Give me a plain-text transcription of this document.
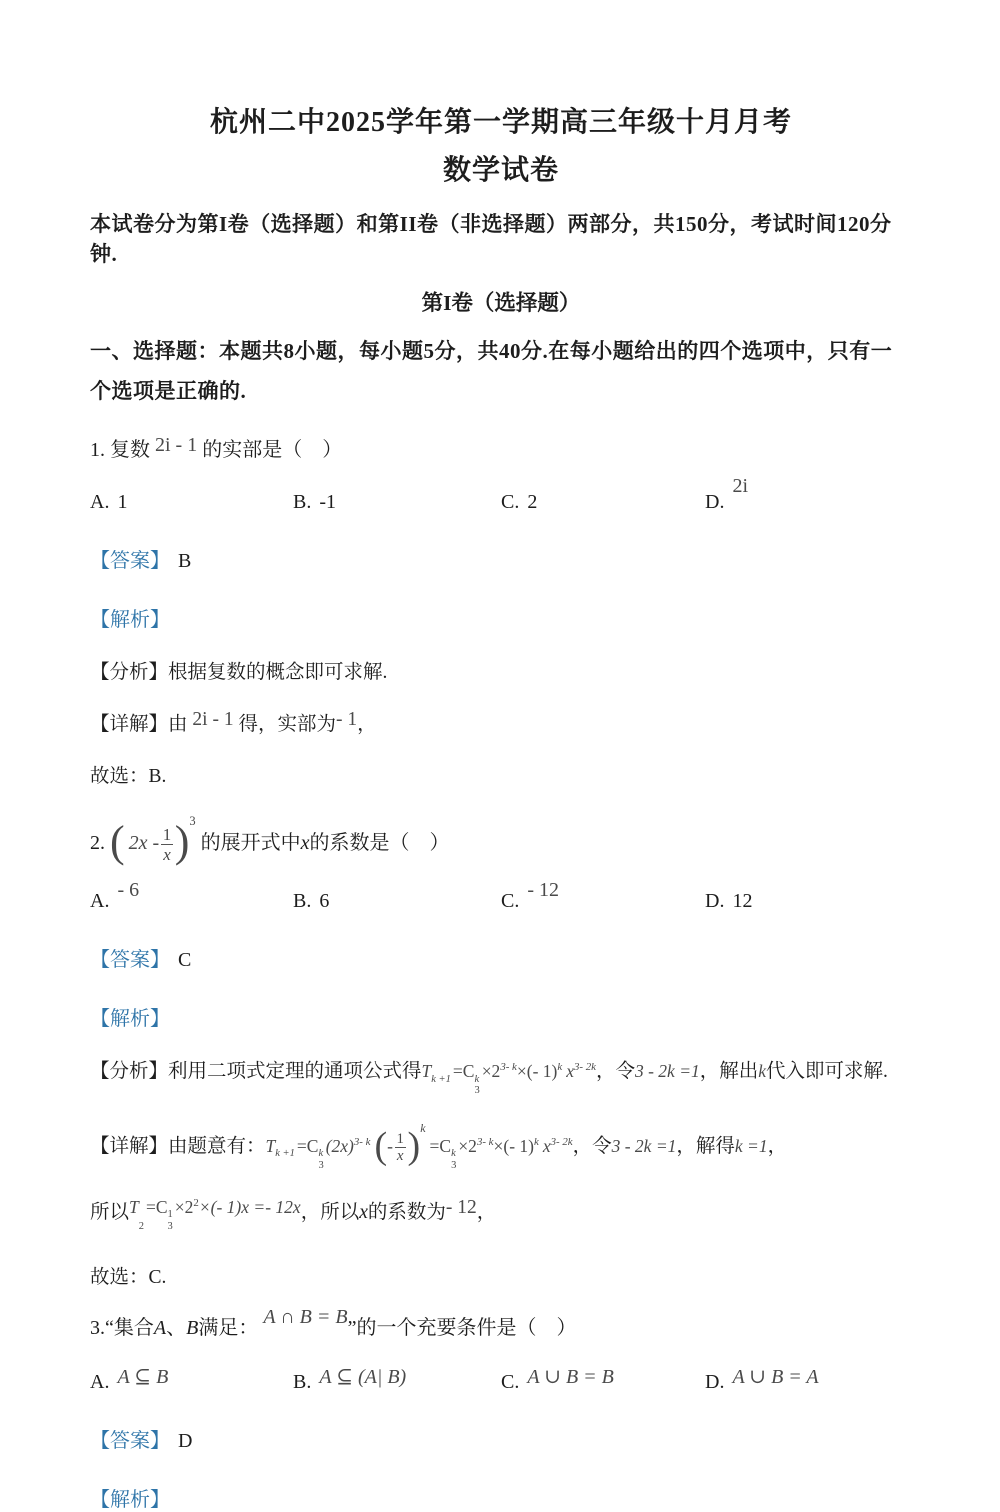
杭州二中2025学年第一学期高三年级十月月考
数学试卷

本试卷分为第I卷（选择题）和第II卷（非选择题）两部分，共150分，考试时间120分钟.

第I卷（选择题）

一、选择题：本题共8小题，每小题5分，共40分.在每小题给出的四个选项中，只有一个选项是正确的.

1. 复数 2i - 1 的实部是（　）

A. 1	B. -1	C. 2	D.2i

【答案】 B

【解析】

【分析】根据复数的概念即可求解.

【详解】由 2i - 1 得，实部为- 1，

故选：B.

2. ( $2x - \frac{1}{x} )^3$ 的展开式中x的系数是（　）

A. - 6	B. 6	C. - 12	D. 12

【答案】 C

【解析】

【分析】利用二项式定理的通项公式得T k +1
=C k
3
$\times 2^{3- k}\times(-$ 1)$^k$ $x^{3- 2k}$，令3 - 2k =1，解出k代入即可求解.

【详解】由题意有：T k +1
=C k
3
$(2x)^{3- k}$ (- $\frac{1}{x} )^k=C$ k
3
$\times 2^{3- k}\times(-$ 1)$^k$ $x^{3- 2k}$，令3 - 2k =1，解得k =1，

所以T

2
=C 1
3
$\times 2^2\times(-$ 1)x =- 12x，所以x的系数为- 12，

故选：C.

3.“集合A、B满足： A ∩ B = B”的一个充要条件是（　）

A. A ⊆ B	B. A ⊆ (A| B)	C. A ∪ B = B	D. A ∪ B = A

【答案】 D

【解析】
